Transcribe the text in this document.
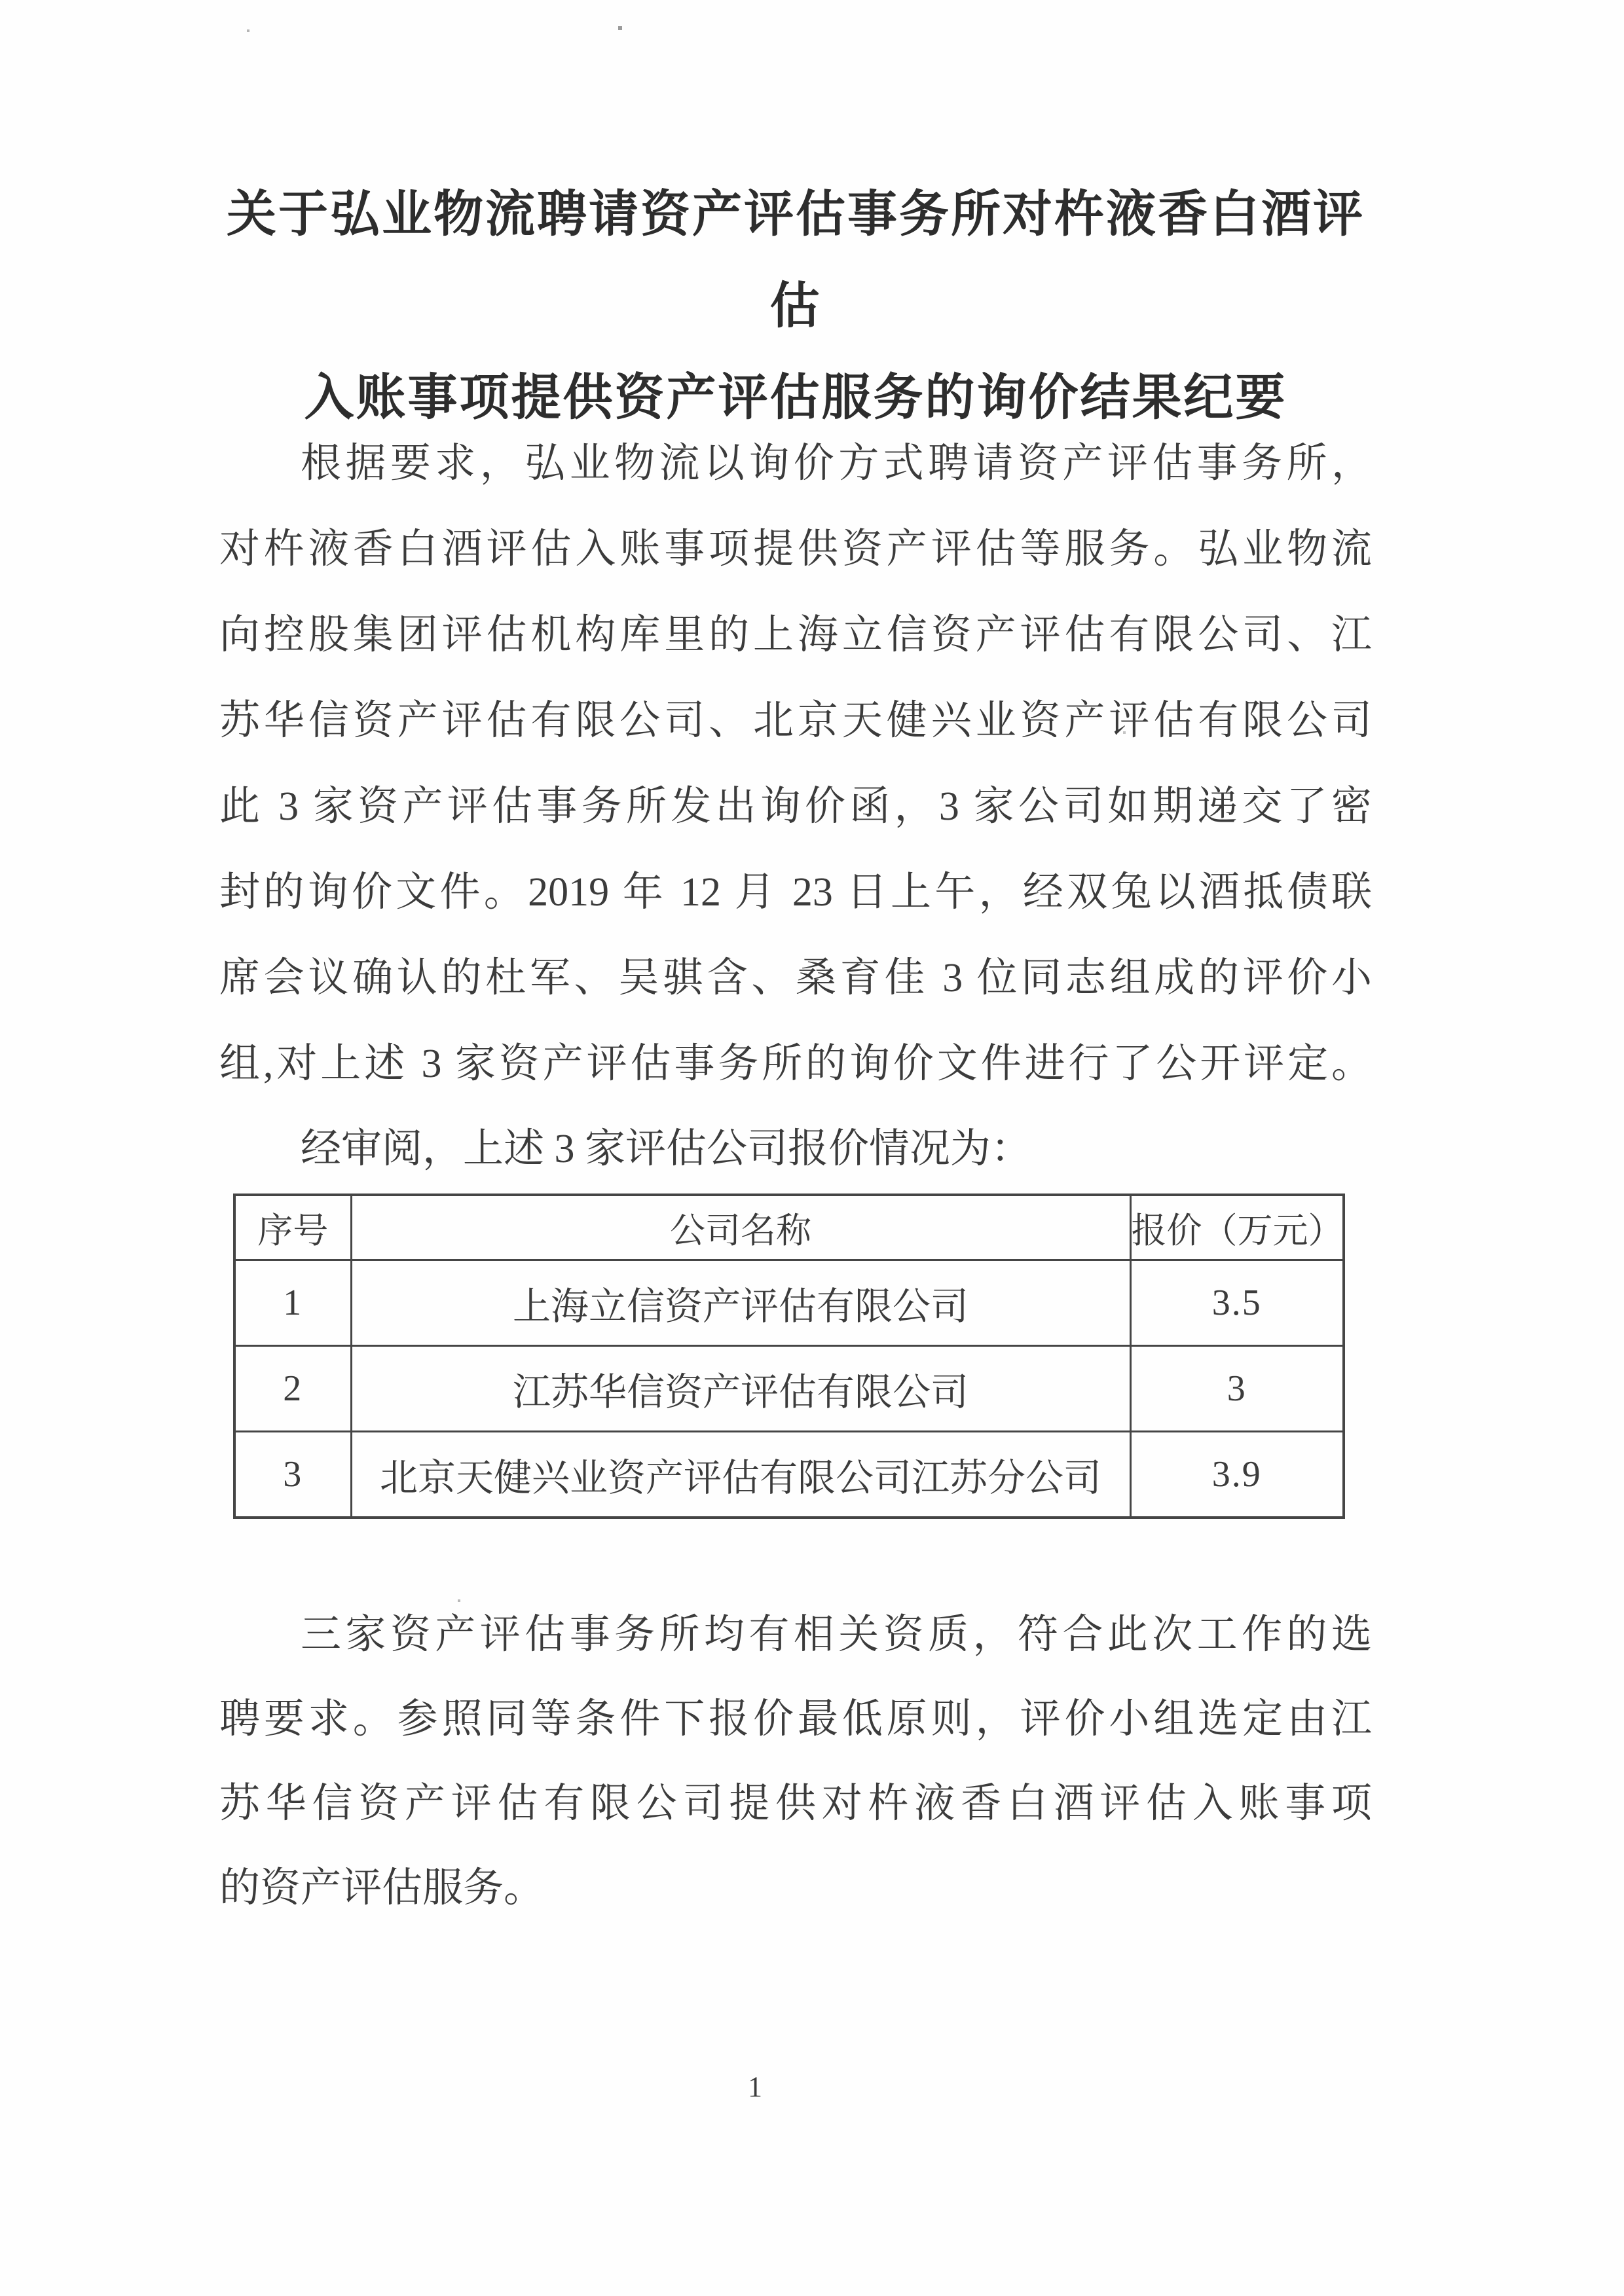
关于弘业物流聘请资产评估事务所对杵液香白酒评估
入账事项提供资产评估服务的询价结果纪要
根据要求，弘业物流以询价方式聘请资产评估事务所，
对杵液香白酒评估入账事项提供资产评估等服务。弘业物流
向控股集团评估机构库里的上海立信资产评估有限公司、江
苏华信资产评估有限公司、北京天健兴业资产评估有限公司
此 3 家资产评估事务所发出询价函，3 家公司如期递交了密
封的询价文件。2019 年 12 月 23 日上午，经双兔以酒抵债联
席会议确认的杜军、吴骐含、桑育佳 3 位同志组成的评价小
组,对上述 3 家资产评估事务所的询价文件进行了公开评定。
经审阅，上述 3 家评估公司报价情况为：
序号	公司名称	报价（万元）
1	上海立信资产评估有限公司	3.5
2	江苏华信资产评估有限公司	3
3	北京天健兴业资产评估有限公司江苏分公司	3.9
三家资产评估事务所均有相关资质，符合此次工作的选
聘要求。参照同等条件下报价最低原则，评价小组选定由江
苏华信资产评估有限公司提供对杵液香白酒评估入账事项
的资产评估服务。
1
